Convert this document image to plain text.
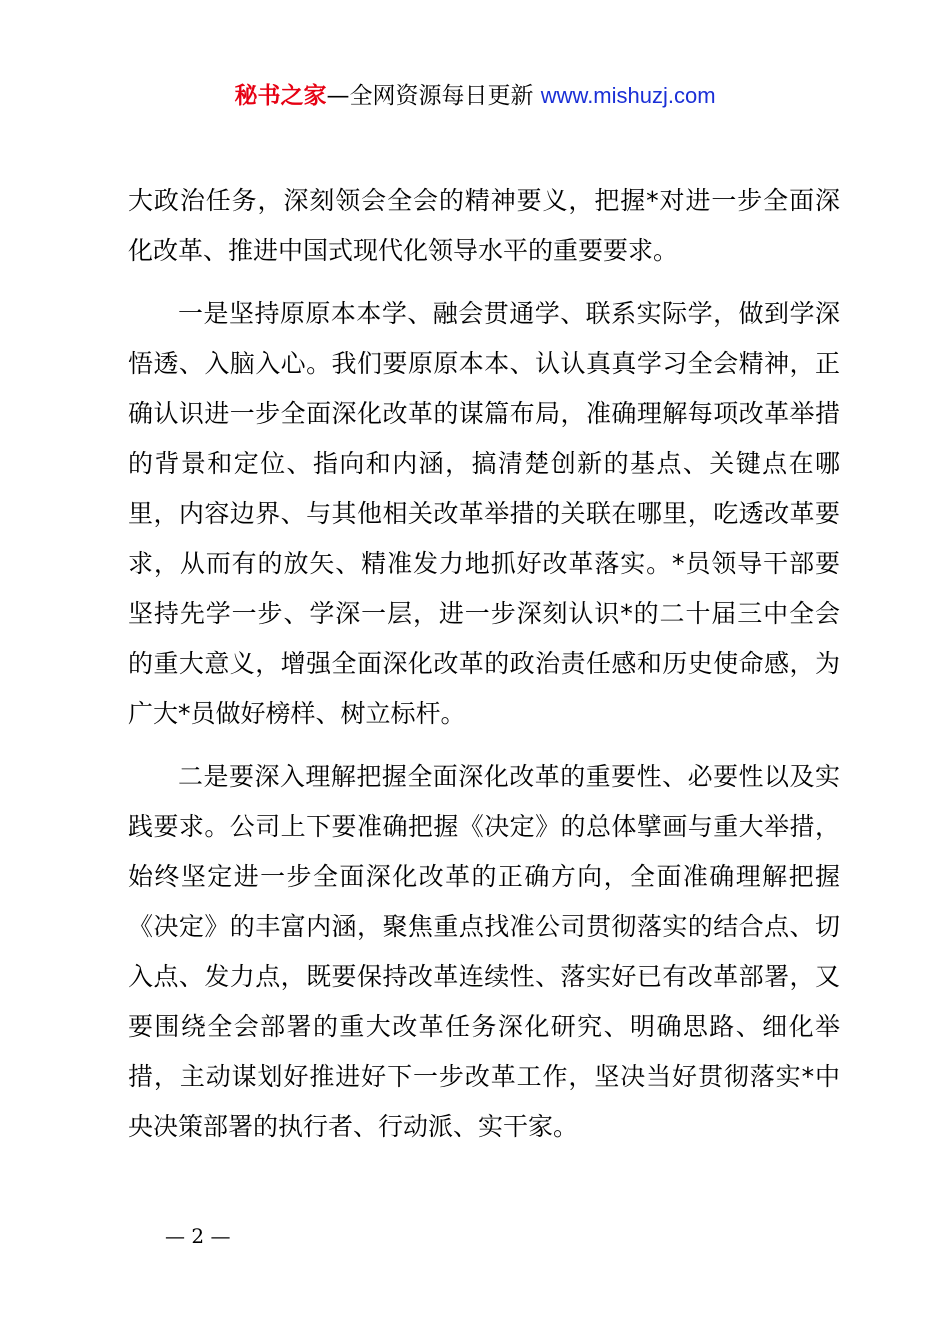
秘书之家—全网资源每日更新 www.mishuzj.com

大政治任务，深刻领会全会的精神要义，把握*对进一步全面深化改革、推进中国式现代化领导水平的重要要求。

一是坚持原原本本学、融会贯通学、联系实际学，做到学深悟透、入脑入心。我们要原原本本、认认真真学习全会精神，正确认识进一步全面深化改革的谋篇布局，准确理解每项改革举措的背景和定位、指向和内涵，搞清楚创新的基点、关键点在哪里，内容边界、与其他相关改革举措的关联在哪里，吃透改革要求，从而有的放矢、精准发力地抓好改革落实。*员领导干部要坚持先学一步、学深一层，进一步深刻认识*的二十届三中全会的重大意义，增强全面深化改革的政治责任感和历史使命感，为广大*员做好榜样、树立标杆。

二是要深入理解把握全面深化改革的重要性、必要性以及实践要求。公司上下要准确把握《决定》的总体擘画与重大举措，始终坚定进一步全面深化改革的正确方向，全面准确理解把握《决定》的丰富内涵，聚焦重点找准公司贯彻落实的结合点、切入点、发力点，既要保持改革连续性、落实好已有改革部署，又要围绕全会部署的重大改革任务深化研究、明确思路、细化举措，主动谋划好推进好下一步改革工作，坚决当好贯彻落实*中央决策部署的执行者、行动派、实干家。

— 2 —
